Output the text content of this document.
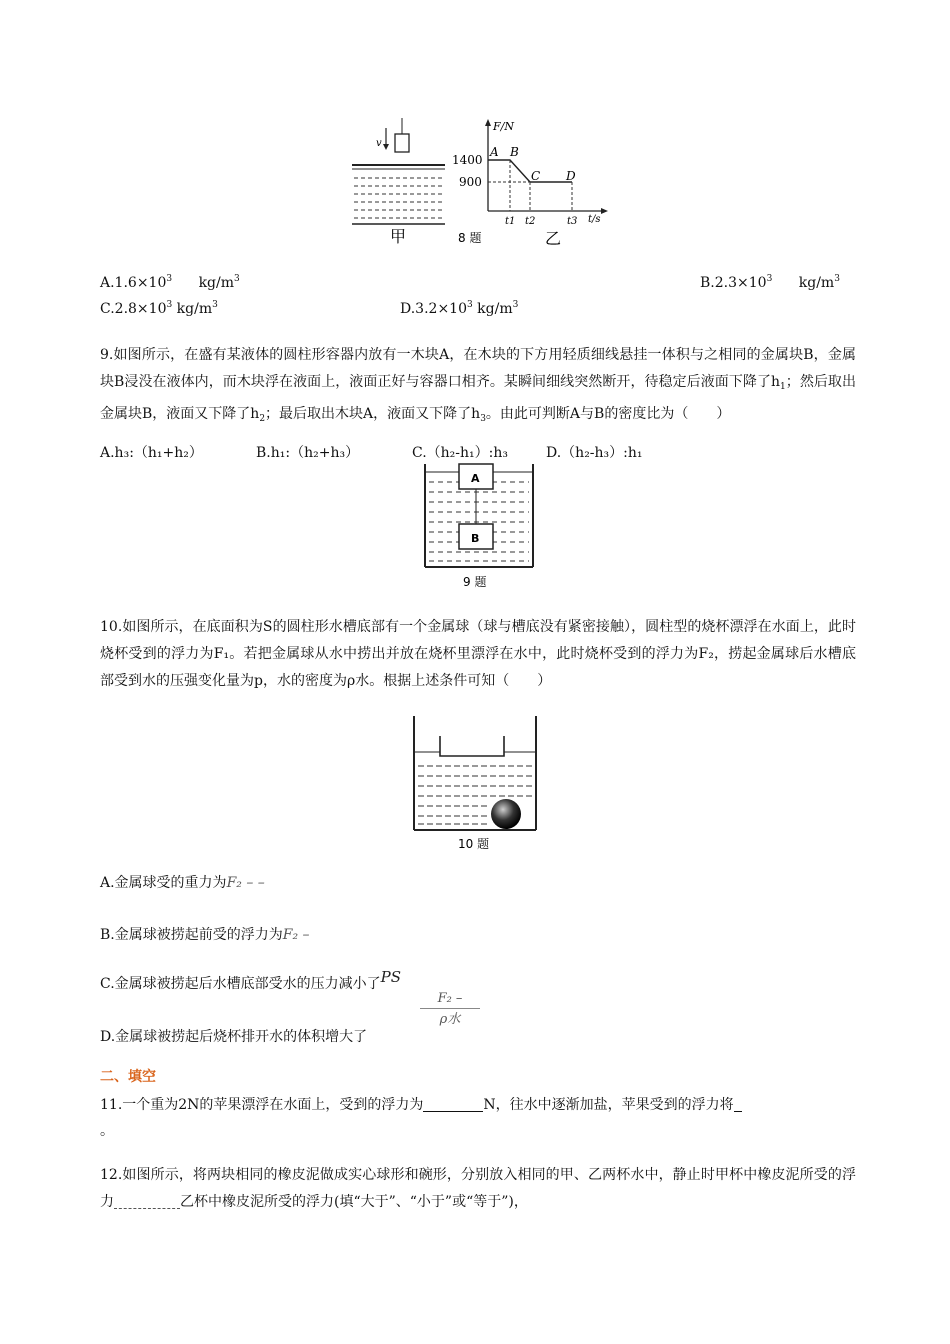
v
甲
F/N
t/s
1400
900
A B
C D
t1 t2	t3
乙
8 题
$A.1.6\times 10^3$ $kg/m^3$	$B.2.3\times 10^3$ $kg/m^3$
$C.2.8\times 10^3$ $kg/m^3$	$D.3.2\times 10^3$ $kg/m^3$
9.如图所示，在盛有某液体的圆柱形容器内放有一木块A，在木块的下方用轻质细线悬挂一体积与之相同的金属块B，金属块B浸没在液体内，而木块浮在液面上，液面正好与容器口相齐。某瞬间细线突然断开，待稳定后液面下降了$h_1$；然后取出金属块B，液面又下降了$h_2$；最后取出木块A，液面又下降了$h_3$。由此可判断A与B的密度比为（　　）
A.h₃:（h₁+h₂）	B.h₁:（h₂+h₃）	C.（h₂-h₁）:h₃	D.（h₂-h₃）:h₁
A
B
9 题
10.如图所示，在底面积为S的圆柱形水槽底部有一个金属球（球与槽底没有紧密接触），圆柱型的烧杯漂浮在水面上，此时烧杯受到的浮力为F₁。若把金属球从水中捞出并放在烧杯里漂浮在水中，此时烧杯受到的浮力为F₂，捞起金属球后水槽底部受到水的压强变化量为p，水的密度为ρ水。根据上述条件可知（　　）
10 题
A.金属球受的重力为F₂ – –
B.金属球被捞起前受的浮力为F₂ –
C.金属球被捞起后水槽底部受水的压力减小了PS
D.金属球被捞起后烧杯排开水的体积增大了
F₂ –
ρ水
二、填空
11.一个重为2N的苹果漂浮在水面上，受到的浮力为	N，往水中逐渐加盐，苹果受到的浮力将
。
12.如图所示，将两块相同的橡皮泥做成实心球形和碗形，分别放入相同的甲、乙两杯水中，静止时甲杯中橡皮泥所受的浮力	乙杯中橡皮泥所受的浮力(填“大于”、“小于”或“等于”)，
